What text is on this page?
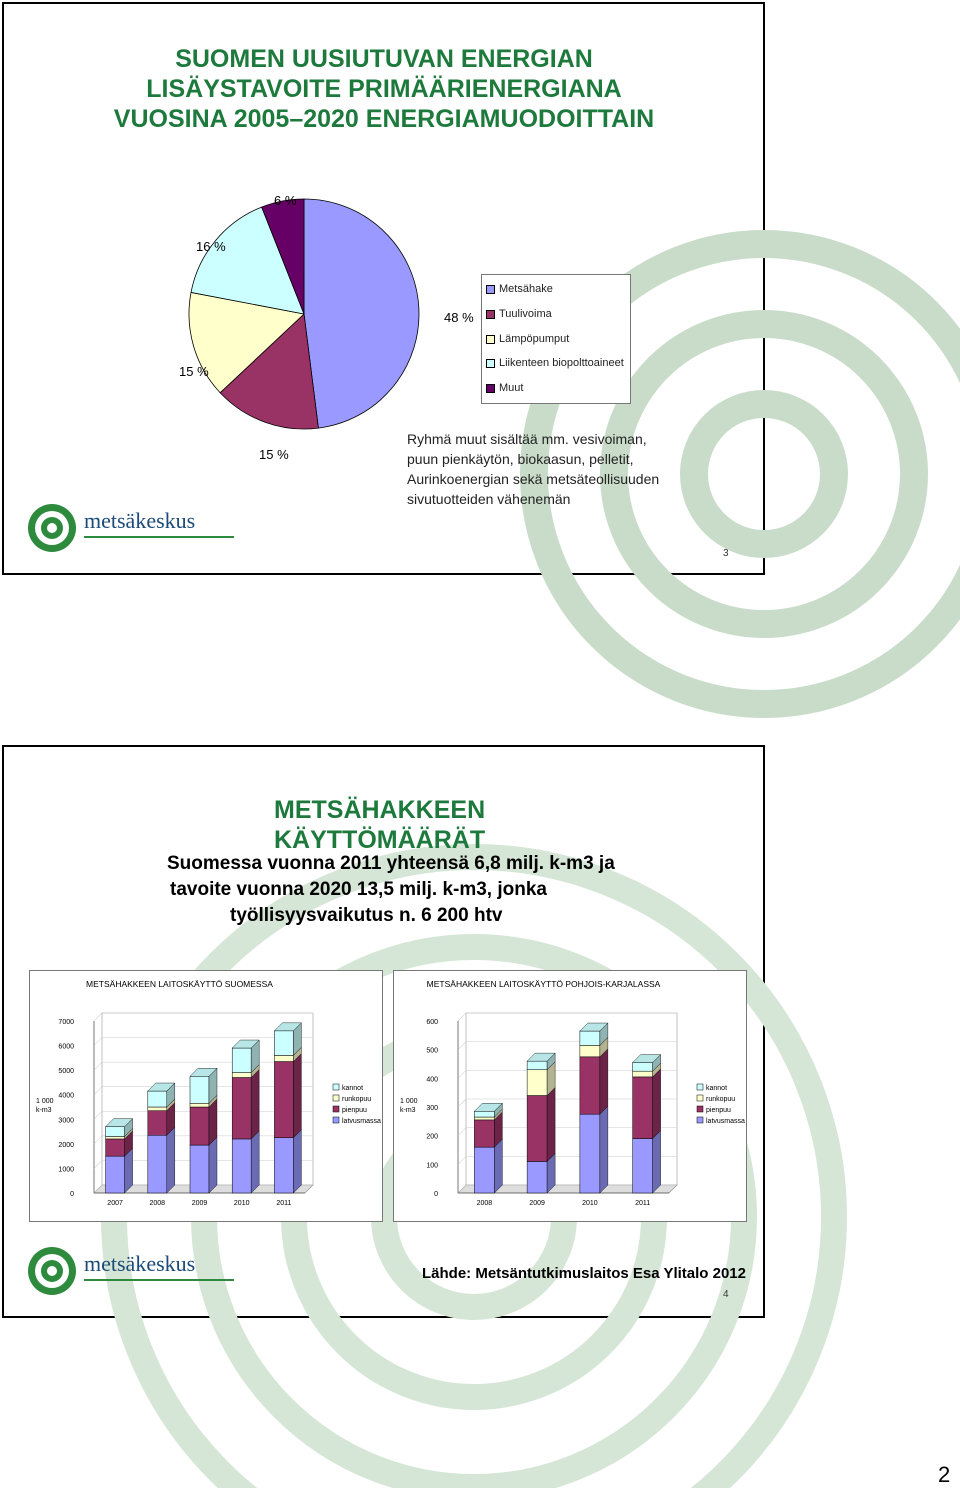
SUOMEN UUSIUTUVAN ENERGIAN
LISÄYSTAVOITE PRIMÄÄRIENERGIANA
VUOSINA 2005–2020 ENERGIAMUODOITTAIN
48 %
15 %
15 %
16 %
6 %
Metsähake
Tuulivoima
Lämpöpumput
Liikenteen biopolttoaineet
Muut
Ryhmä muut sisältää mm. vesivoiman,
puun pienkäytön, biokaasun, pelletit,
Aurinkoenergian sekä metsäteollisuuden
sivutuotteiden vähenemän
metsäkeskus
3
METSÄHAKKEEN
KÄYTTÖMÄÄRÄT
Suomessa vuonna 2011 yhteensä 6,8 milj. k-m3 ja
tavoite vuonna 2020 13,5 milj. k-m3, jonka
työllisyysvaikutus n. 6 200 htv
METSÄHAKKEEN LAITOSKÄYTTÖ SUOMESSA
0
1000
2000
3000
4000
5000
6000
7000
1 000 k-m3
2007	2008	2009	2010	2011
kannot
runkopuu
pienpuu
latvusmassa
METSÄHAKKEEN LAITOSKÄYTTÖ POHJOIS-KARJALASSA
0
100
200
300
400
500
600
1 000 k-m3
2008	2009	2010	2011
kannot
runkopuu
pienpuu
latvusmassa
metsäkeskus	Lähde: Metsäntutkimuslaitos Esa Ylitalo 2012
4
2
